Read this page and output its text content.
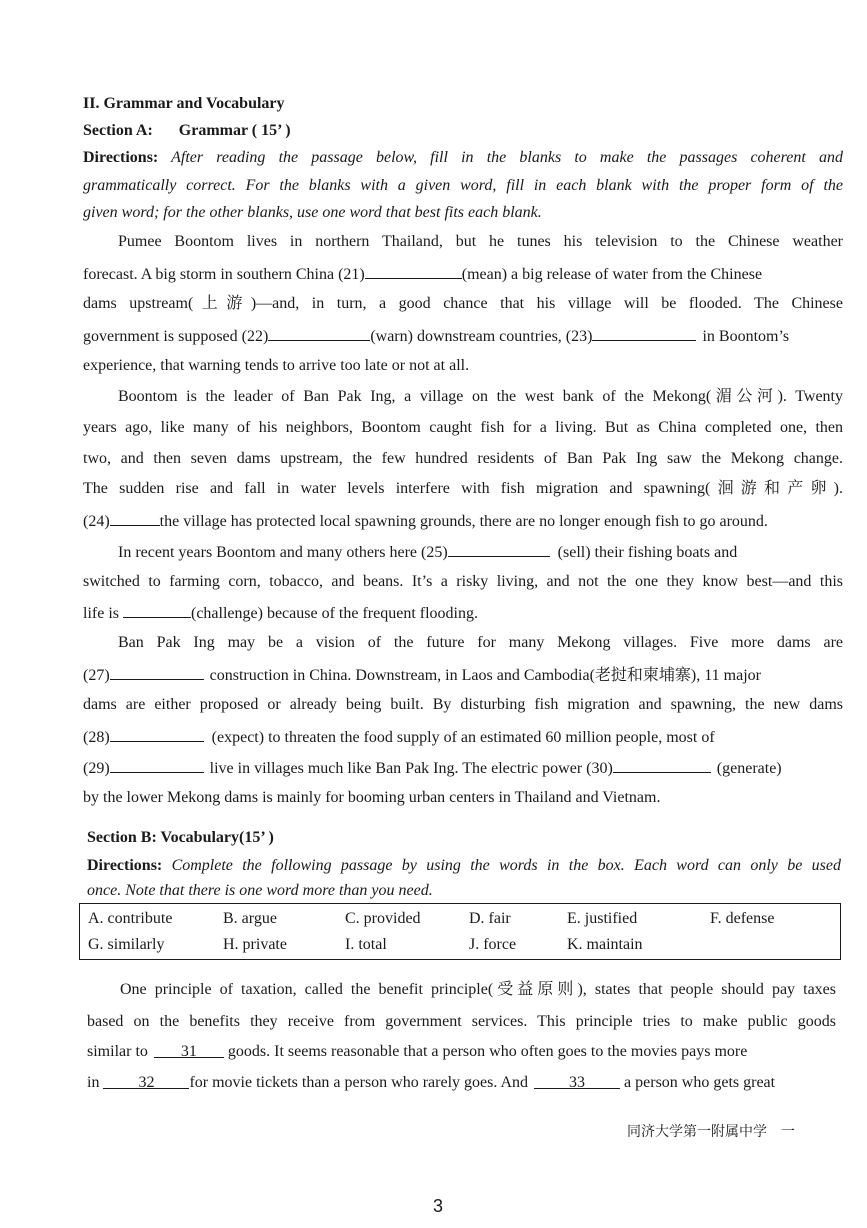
II. Grammar and Vocabulary
Section A: Grammar ( 15’ )
Directions: After reading the passage below, fill in the blanks to make the passages coherent and
grammatically correct. For the blanks with a given word, fill in each blank with the proper form of the
given word; for the other blanks, use one word that best fits each blank.
Pumee Boontom lives in northern Thailand, but he tunes his television to the Chinese weather
forecast. A big storm in southern China (21)	(mean) a big release of water from the Chinese
dams upstream(上游)—and, in turn, a good chance that his village will be flooded. The Chinese
government is supposed (22)	(warn) downstream countries, (23)	in Boontom’s
experience, that warning tends to arrive too late or not at all.
Boontom is the leader of Ban Pak Ing, a village on the west bank of the Mekong(湄公河). Twenty
years ago, like many of his neighbors, Boontom caught fish for a living. But as China completed one, then
two, and then seven dams upstream, the few hundred residents of Ban Pak Ing saw the Mekong change.
The sudden rise and fall in water levels interfere with fish migration and spawning(洄游和产卵).
(24)	the village has protected local spawning grounds, there are no longer enough fish to go around.
In recent years Boontom and many others here (25)	(sell) their fishing boats and
switched to farming corn, tobacco, and beans. It’s a risky living, and not the one they know best—and this
life is	(challenge) because of the frequent flooding.
Ban Pak Ing may be a vision of the future for many Mekong villages. Five more dams are
(27)	construction in China. Downstream, in Laos and Cambodia(老挝和柬埔寨), 11 major
dams are either proposed or already being built. By disturbing fish migration and spawning, the new dams
(28)	(expect) to threaten the food supply of an estimated 60 million people, most of
(29)	live in villages much like Ban Pak Ing. The electric power (30)	(generate)
by the lower Mekong dams is mainly for booming urban centers in Thailand and Vietnam.
Section B: Vocabulary(15’ )
Directions: Complete the following passage by using the words in the box. Each word can only be used
once. Note that there is one word more than you need.
A. contribute	B. argue	C. provided	D. fair	E. justified	F. defense
G. similarly	H. private	I. total	J. force	K. maintain
One principle of taxation, called the benefit principle(受益原则), states that people should pay taxes
based on the benefits they receive from government services. This principle tries to make public goods
similar to 31 goods. It seems reasonable that a person who often goes to the movies pays more
in 32 for movie tickets than a person who rarely goes. And	33 a person who gets great
同济大学第一附属中学　一
3
